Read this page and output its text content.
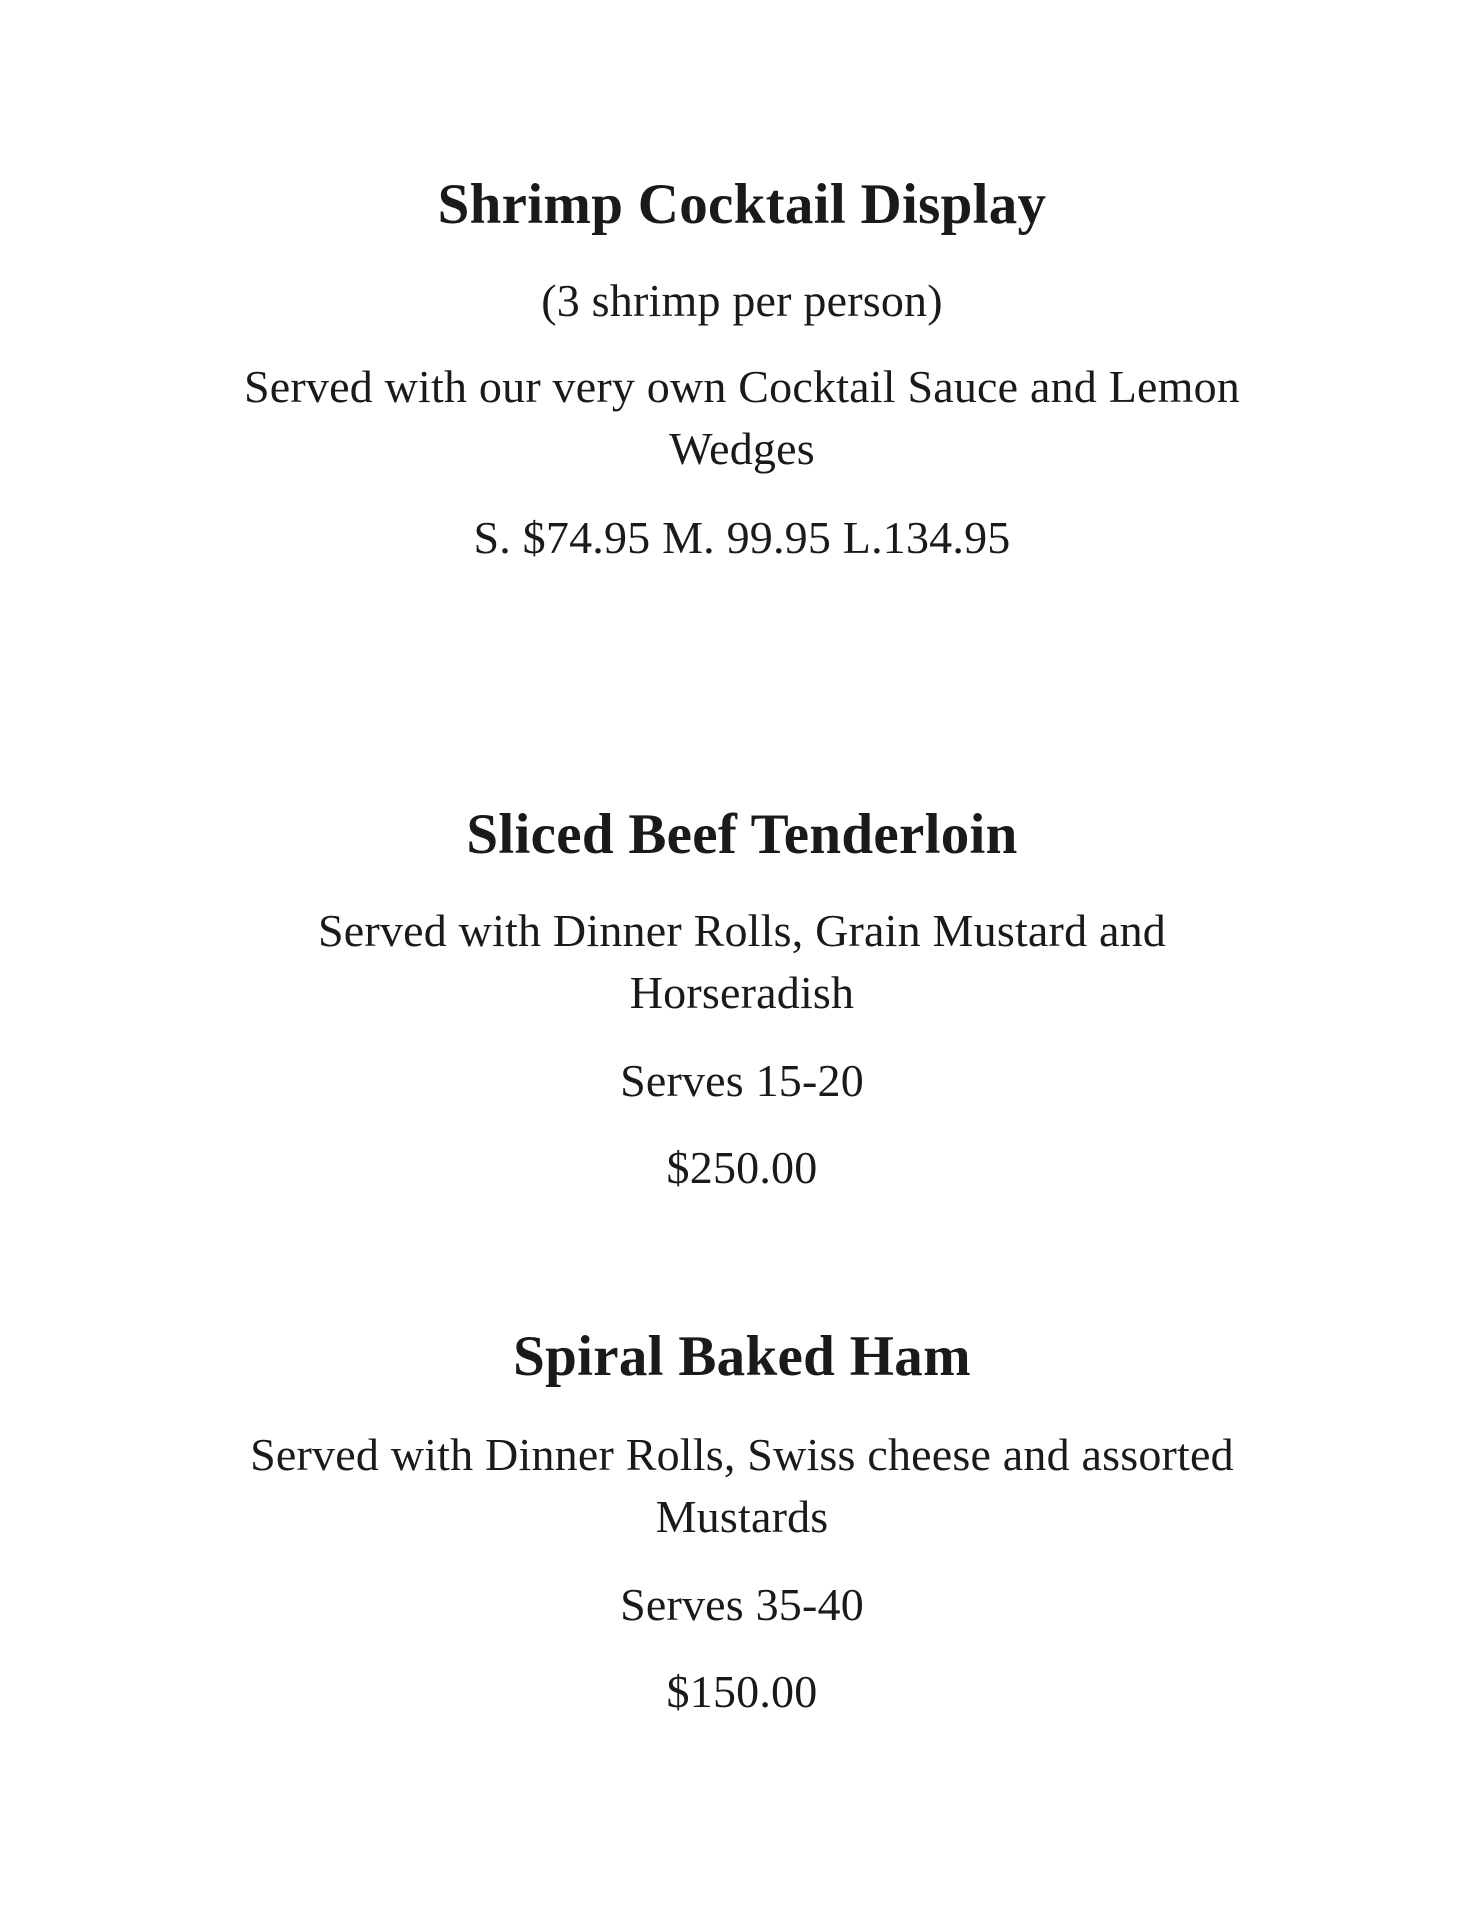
Shrimp Cocktail Display
(3 shrimp per person)
Served with our very own Cocktail Sauce and Lemon
Wedges
S. $74.95 M. 99.95 L.134.95
Sliced Beef Tenderloin
Served with Dinner Rolls, Grain Mustard and
Horseradish
Serves 15-20
$250.00
Spiral Baked Ham
Served with Dinner Rolls, Swiss cheese and assorted
Mustards
Serves 35-40
$150.00
